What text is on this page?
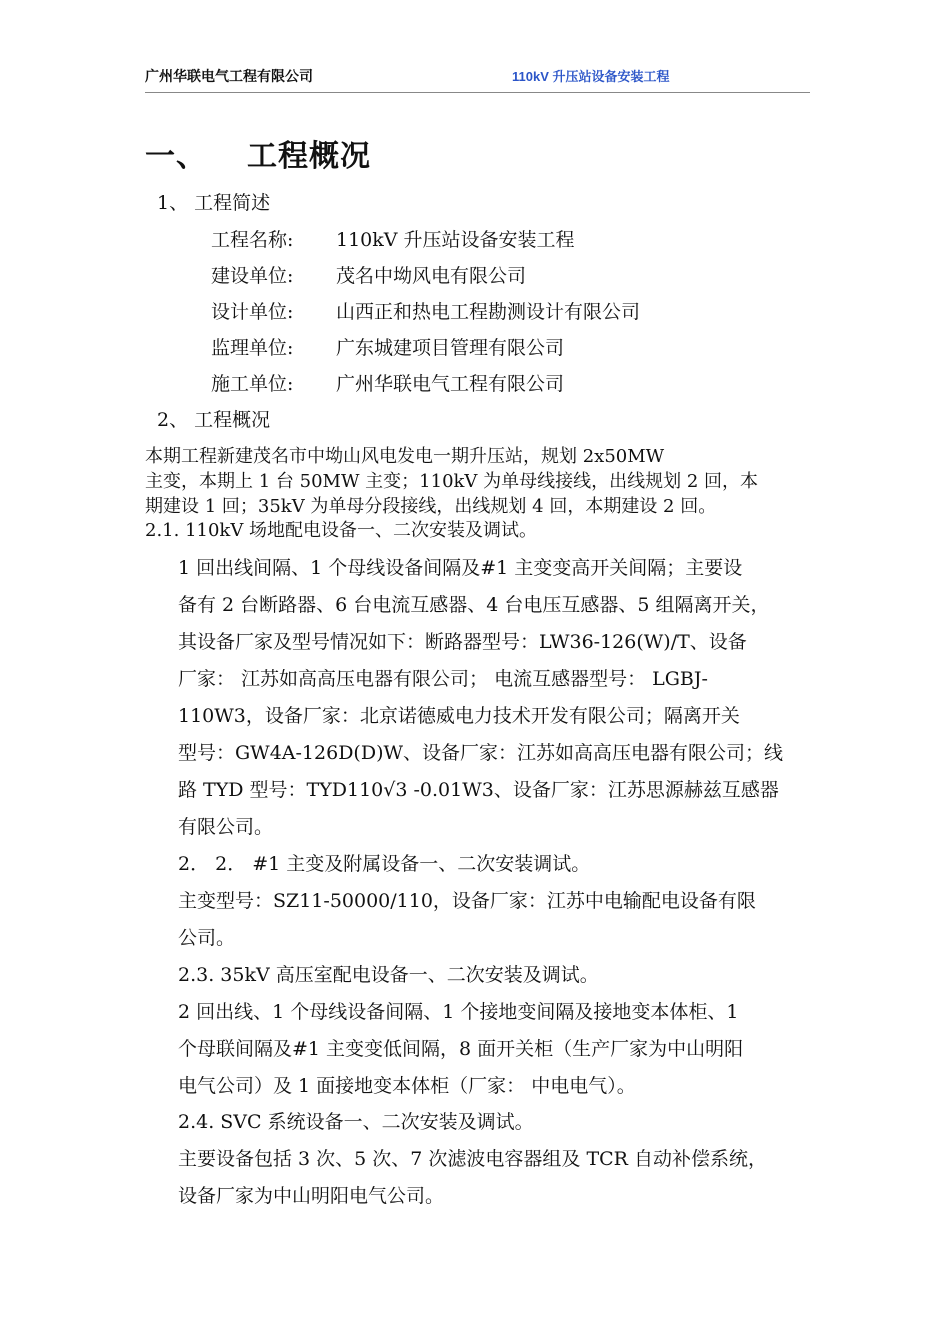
广州华联电气工程有限公司	110kV 升压站设备安装工程
一、 工程概况
1、 工程简述
工程名称:	110kV 升压站设备安装工程
建设单位:	茂名中坳风电有限公司
设计单位:	山西正和热电工程勘测设计有限公司
监理单位:	广东城建项目管理有限公司
施工单位:	广州华联电气工程有限公司
2、 工程概况
本期工程新建茂名市中坳山风电发电一期升压站，规划 2x50MW
主变，本期上 1 台 50MW 主变；110kV 为单母线接线，出线规划 2 回，本
期建设 1 回；35kV 为单母分段接线，出线规划 4 回，本期建设 2 回。
2.1. 110kV 场地配电设备一、二次安装及调试。
1 回出线间隔、1 个母线设备间隔及#1 主变变高开关间隔；主要设
备有 2 台断路器、6 台电流互感器、4 台电压互感器、5 组隔离开关，
其设备厂家及型号情况如下：断路器型号：LW36-126(W)/T、设备
厂家： 江苏如高高压电器有限公司； 电流互感器型号： LGBJ-
110W3，设备厂家：北京诺德威电力技术开发有限公司；隔离开关
型号：GW4A-126D(D)W、设备厂家：江苏如高高压电器有限公司；线
路 TYD 型号：TYD110√3 -0.01W3、设备厂家：江苏思源赫兹互感器
有限公司。
2． 2． #1 主变及附属设备一、二次安装调试。
主变型号：SZ11-50000/110，设备厂家：江苏中电输配电设备有限
公司。
2.3. 35kV 高压室配电设备一、二次安装及调试。
2 回出线、1 个母线设备间隔、1 个接地变间隔及接地变本体柜、1
个母联间隔及#1 主变变低间隔，8 面开关柜（生产厂家为中山明阳
电气公司）及 1 面接地变本体柜（厂家： 中电电气）。
2.4. SVC 系统设备一、二次安装及调试。
主要设备包括 3 次、5 次、7 次滤波电容器组及 TCR 自动补偿系统，
设备厂家为中山明阳电气公司。
